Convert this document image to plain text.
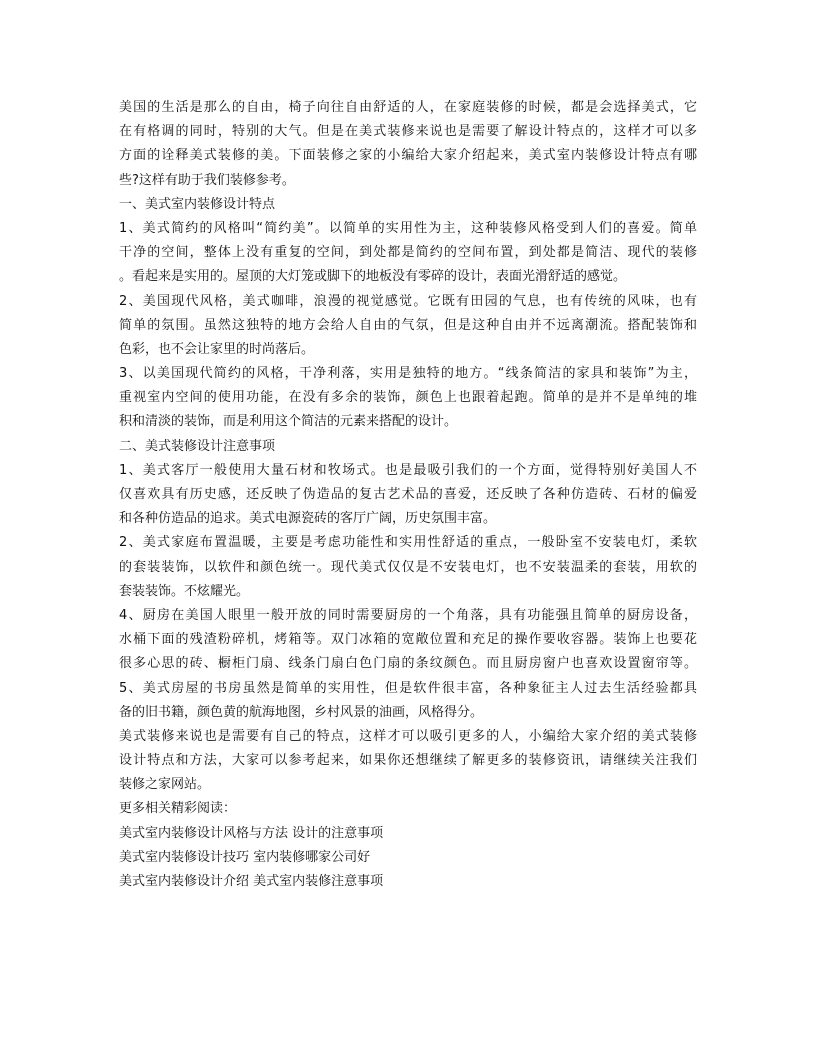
美国的生活是那么的自由，椅子向往自由舒适的人，在家庭装修的时候，都是会选择美式，它
在有格调的同时，特别的大气。但是在美式装修来说也是需要了解设计特点的，这样才可以多
方面的诠释美式装修的美。下面装修之家的小编给大家介绍起来，美式室内装修设计特点有哪
些?这样有助于我们装修参考。
一、美式室内装修设计特点
1、美式简约的风格叫“简约美”。以简单的实用性为主，这种装修风格受到人们的喜爱。简单
干净的空间，整体上没有重复的空间，到处都是简约的空间布置，到处都是简洁、现代的装修
。看起来是实用的。屋顶的大灯笼或脚下的地板没有零碎的设计，表面光滑舒适的感觉。
2、美国现代风格，美式咖啡，浪漫的视觉感觉。它既有田园的气息，也有传统的风味，也有
简单的氛围。虽然这独特的地方会给人自由的气氛，但是这种自由并不远离潮流。搭配装饰和
色彩，也不会让家里的时尚落后。
3、以美国现代简约的风格，干净利落，实用是独特的地方。“线条简洁的家具和装饰”为主，
重视室内空间的使用功能，在没有多余的装饰，颜色上也跟着起跑。简单的是并不是单纯的堆
积和清淡的装饰，而是利用这个简洁的元素来搭配的设计。
二、美式装修设计注意事项
1、美式客厅一般使用大量石材和牧场式。也是最吸引我们的一个方面，觉得特别好美国人不
仅喜欢具有历史感，还反映了伪造品的复古艺术品的喜爱，还反映了各种仿造砖、石材的偏爱
和各种仿造品的追求。美式电源瓷砖的客厅广阔，历史氛围丰富。
2、美式家庭布置温暖，主要是考虑功能性和实用性舒适的重点，一般卧室不安装电灯，柔软
的套装装饰，以软件和颜色统一。现代美式仅仅是不安装电灯，也不安装温柔的套装，用软的
套装装饰。不炫耀光。
4、厨房在美国人眼里一般开放的同时需要厨房的一个角落，具有功能强且简单的厨房设备，
水桶下面的残渣粉碎机，烤箱等。双门冰箱的宽敞位置和充足的操作要收容器。装饰上也要花
很多心思的砖、橱柜门扇、线条门扇白色门扇的条纹颜色。而且厨房窗户也喜欢设置窗帘等。
5、美式房屋的书房虽然是简单的实用性，但是软件很丰富，各种象征主人过去生活经验都具
备的旧书籍，颜色黄的航海地图，乡村风景的油画，风格得分。
美式装修来说也是需要有自己的特点，这样才可以吸引更多的人，小编给大家介绍的美式装修
设计特点和方法，大家可以参考起来，如果你还想继续了解更多的装修资讯，请继续关注我们
装修之家网站。
更多相关精彩阅读：
美式室内装修设计风格与方法 设计的注意事项
美式室内装修设计技巧 室内装修哪家公司好
美式室内装修设计介绍 美式室内装修注意事项
